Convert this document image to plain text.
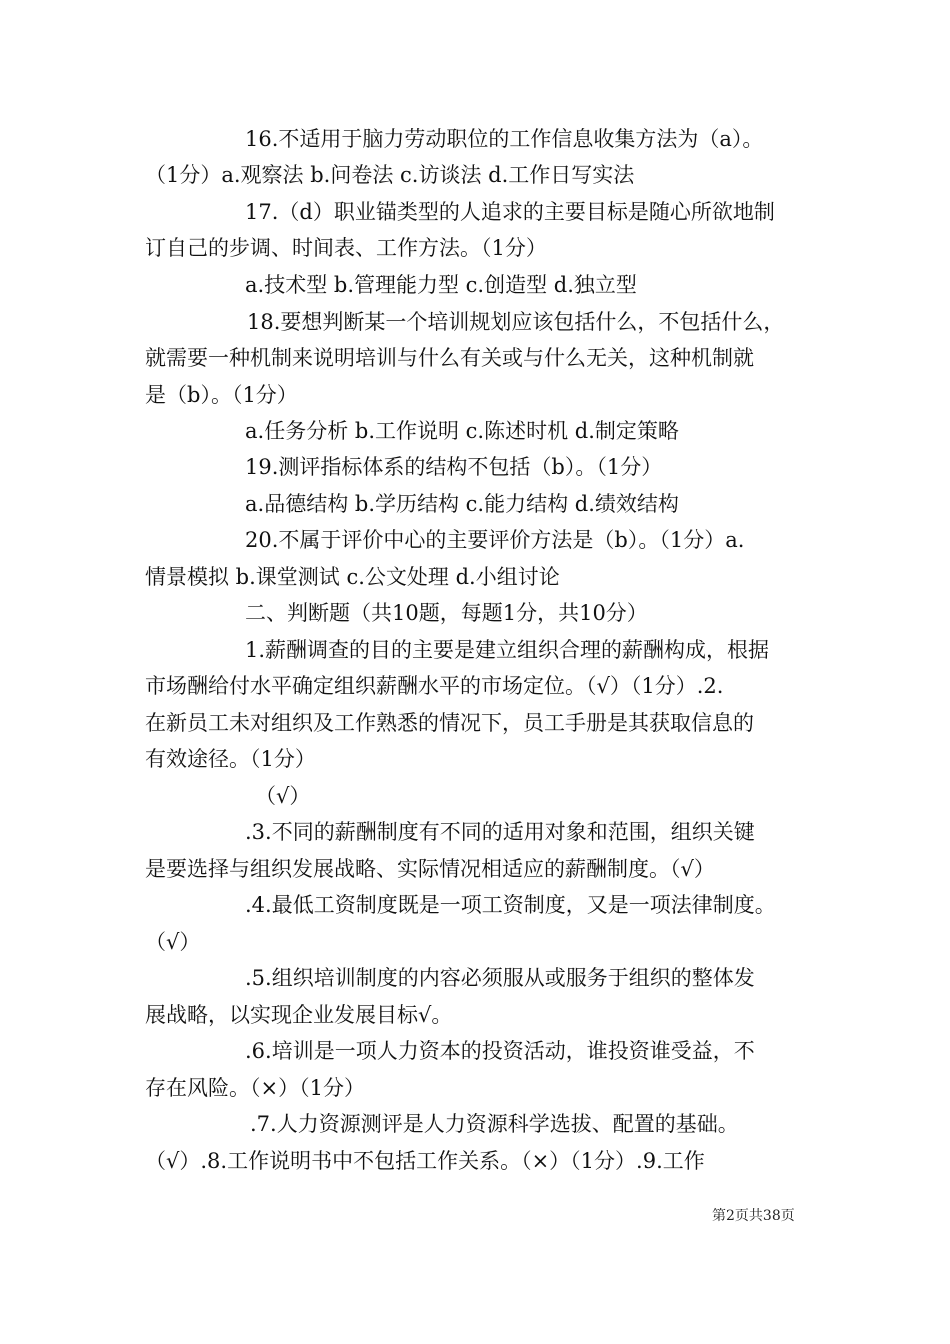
16.不适用于脑力劳动职位的工作信息收集方法为（a）。
（1分）a.观察法 b.问卷法 c.访谈法 d.工作日写实法
17.（d）职业锚类型的人追求的主要目标是随心所欲地制
订自己的步调、时间表、工作方法。（1分）
a.技术型 b.管理能力型 c.创造型 d.独立型
18.要想判断某一个培训规划应该包括什么，不包括什么，
就需要一种机制来说明培训与什么有关或与什么无关，这种机制就
是（b）。（1分）
a.任务分析 b.工作说明 c.陈述时机 d.制定策略
19.测评指标体系的结构不包括（b）。（1分）
a.品德结构 b.学历结构 c.能力结构 d.绩效结构
20.不属于评价中心的主要评价方法是（b）。（1分）a.
情景模拟 b.课堂测试 c.公文处理 d.小组讨论
二、判断题（共10题，每题1分，共10分）
1.薪酬调查的目的主要是建立组织合理的薪酬构成，根据
市场酬给付水平确定组织薪酬水平的市场定位。（√）（1分）.2.
在新员工未对组织及工作熟悉的情况下，员工手册是其获取信息的
有效途径。（1分）
（√）
.3.不同的薪酬制度有不同的适用对象和范围，组织关键
是要选择与组织发展战略、实际情况相适应的薪酬制度。（√）
.4.最低工资制度既是一项工资制度，又是一项法律制度。
（√）
.5.组织培训制度的内容必须服从或服务于组织的整体发
展战略，以实现企业发展目标√。
.6.培训是一项人力资本的投资活动，谁投资谁受益，不
存在风险。（×）（1分）
.7.人力资源测评是人力资源科学选拔、配置的基础。
（√）.8.工作说明书中不包括工作关系。（×）（1分）.9.工作
第2页共38页
